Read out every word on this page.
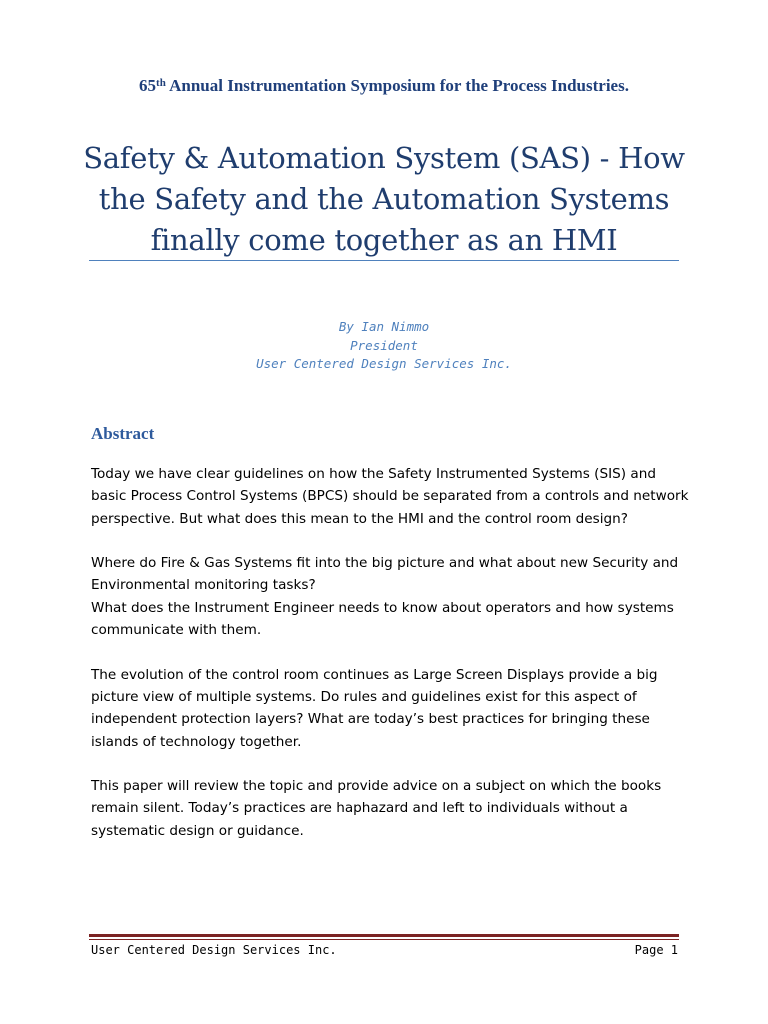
65th Annual Instrumentation Symposium for the Process Industries.
Safety & Automation System (SAS) - How
the Safety and the Automation Systems
finally come together as an HMI
By Ian Nimmo
President
User Centered Design Services Inc.
Abstract

Today we have clear guidelines on how the Safety Instrumented Systems (SIS) and basic Process Control Systems (BPCS) should be separated from a controls and network perspective. But what does this mean to the HMI and the control room design?

Where do Fire & Gas Systems fit into the big picture and what about new Security and Environmental monitoring tasks?

What does the Instrument Engineer needs to know about operators and how systems communicate with them.

The evolution of the control room continues as Large Screen Displays provide a big picture view of multiple systems. Do rules and guidelines exist for this aspect of independent protection layers? What are today’s best practices for bringing these islands of technology together.

This paper will review the topic and provide advice on a subject on which the books remain silent. Today’s practices are haphazard and left to individuals without a systematic design or guidance.

User Centered Design Services Inc.	Page 1
